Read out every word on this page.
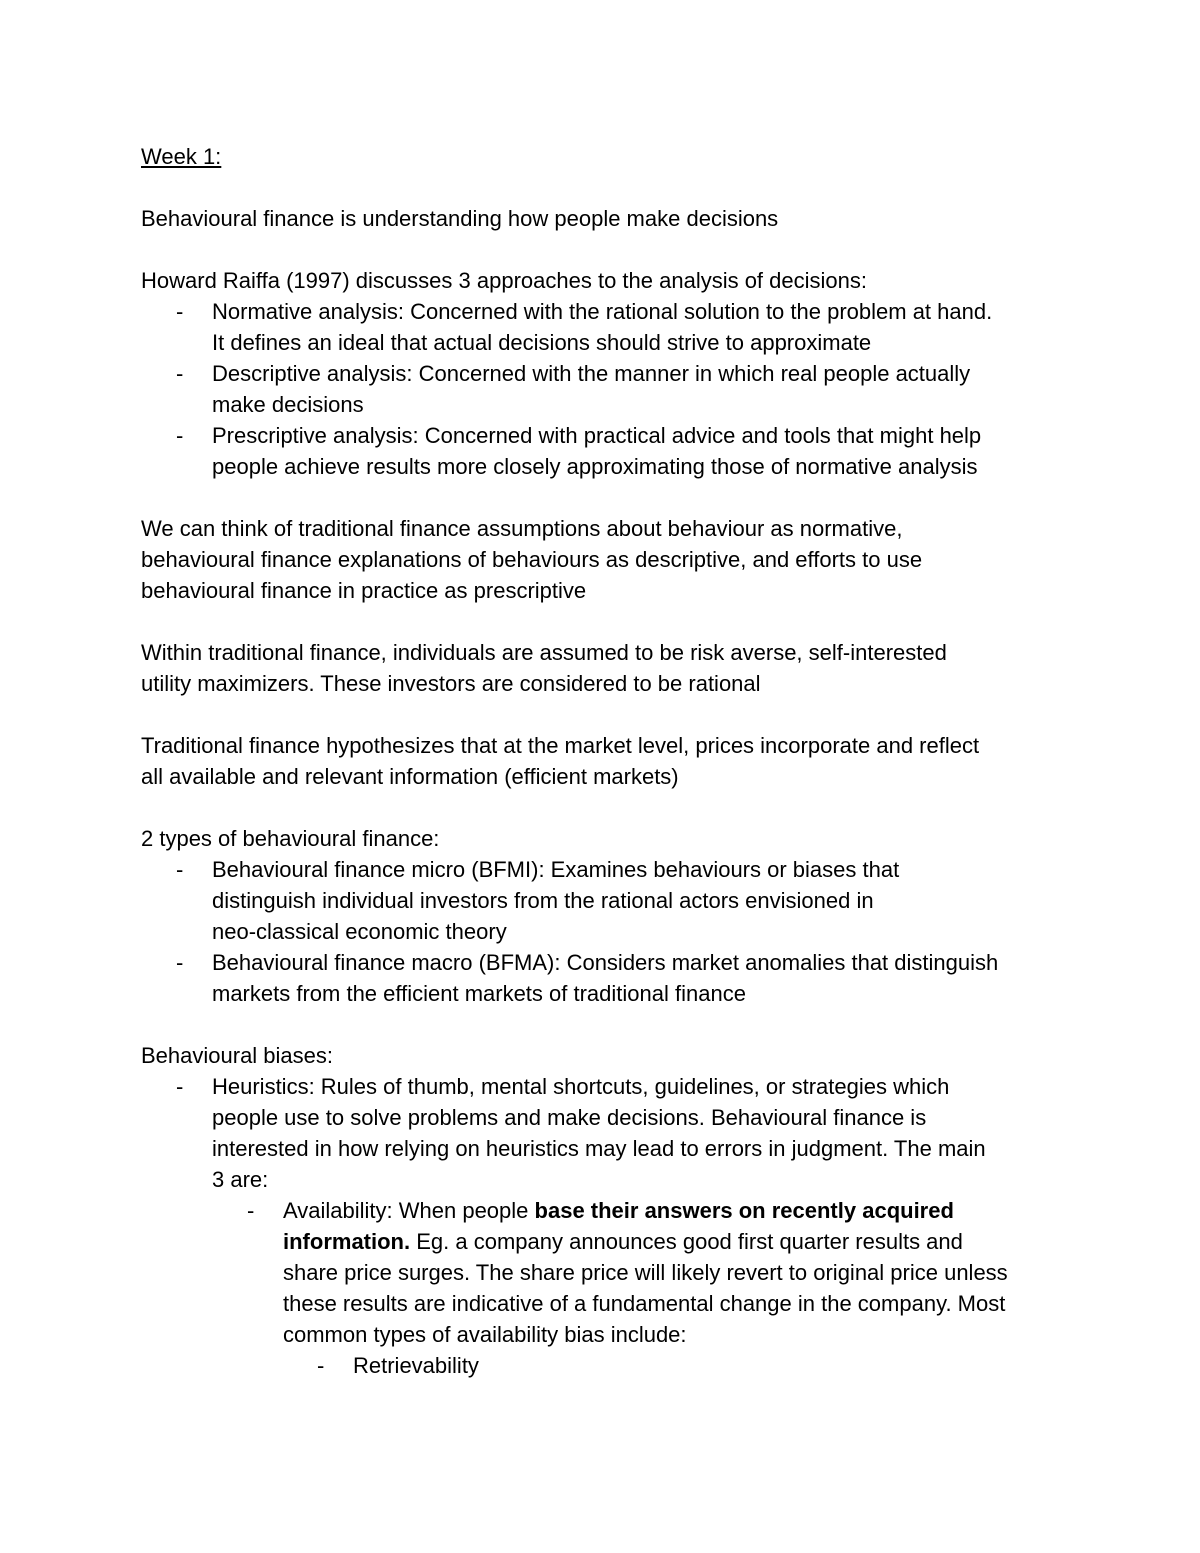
Week 1:

Behavioural finance is understanding how people make decisions

Howard Raiffa (1997) discusses 3 approaches to the analysis of decisions:

- Normative analysis: Concerned with the rational solution to the problem at hand.

It defines an ideal that actual decisions should strive to approximate

- Descriptive analysis: Concerned with the manner in which real people actually

make decisions

- Prescriptive analysis: Concerned with practical advice and tools that might help

people achieve results more closely approximating those of normative analysis

We can think of traditional finance assumptions about behaviour as normative,

behavioural finance explanations of behaviours as descriptive, and efforts to use

behavioural finance in practice as prescriptive

Within traditional finance, individuals are assumed to be risk averse, self-interested

utility maximizers. These investors are considered to be rational

Traditional finance hypothesizes that at the market level, prices incorporate and reflect

all available and relevant information (efficient markets)

2 types of behavioural finance:

- Behavioural finance micro (BFMI): Examines behaviours or biases that

distinguish individual investors from the rational actors envisioned in

neo-classical economic theory

- Behavioural finance macro (BFMA): Considers market anomalies that distinguish

markets from the efficient markets of traditional finance

Behavioural biases:

- Heuristics: Rules of thumb, mental shortcuts, guidelines, or strategies which

people use to solve problems and make decisions. Behavioural finance is

interested in how relying on heuristics may lead to errors in judgment. The main

3 are:

- Availability: When people base their answers on recently acquired

information. Eg. a company announces good first quarter results and

share price surges. The share price will likely revert to original price unless

these results are indicative of a fundamental change in the company. Most

common types of availability bias include:

- Retrievability
